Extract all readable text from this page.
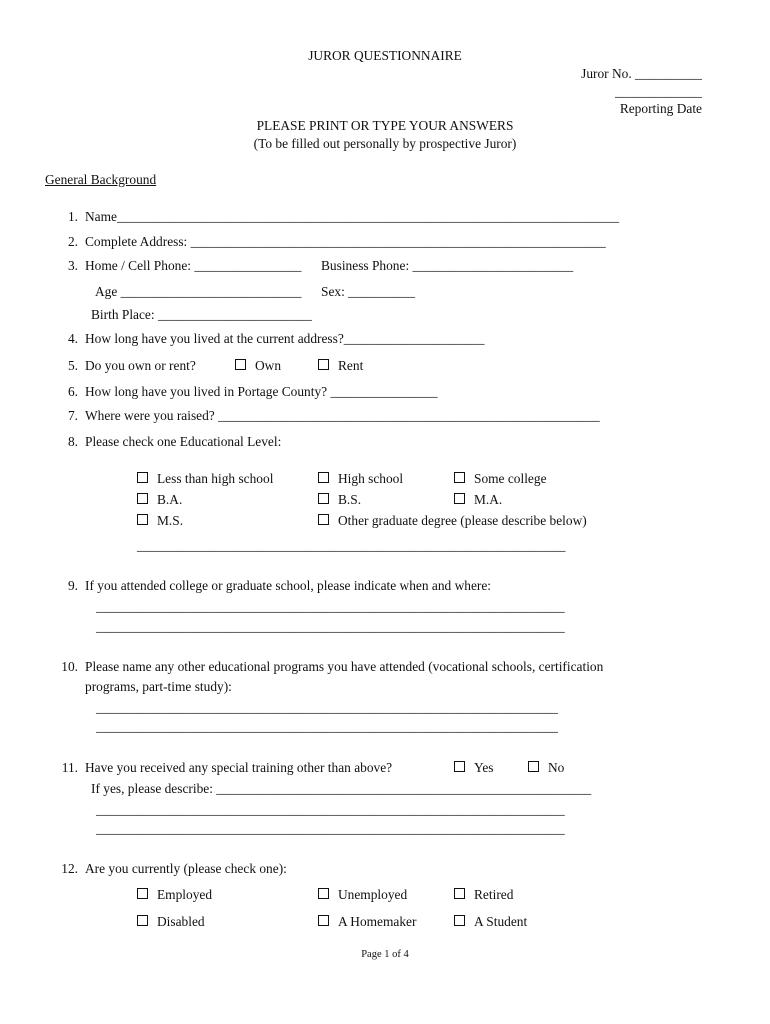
JUROR QUESTIONNAIRE
Juror No. __________
_____________
Reporting Date
PLEASE PRINT OR TYPE YOUR ANSWERS
(To be filled out personally by prospective Juror)
General Background
1. Name___________________________________________________________________________
2. Complete Address: ______________________________________________________________
3. Home / Cell Phone: ________________ Business Phone: ________________________
Age ___________________________ Sex: __________
Birth Place: _______________________
4. How long have you lived at the current address?_____________________
5. Do you own or rent?	Own	Rent
6. How long have you lived in Portage County? ________________
7. Where were you raised? _________________________________________________________
8. Please check one Educational Level:
Less than high school	High school	Some college
B.A.	B.S.	M.A.
M.S.	Other graduate degree (please describe below)
________________________________________________________________
9. If you attended college or graduate school, please indicate when and where:
______________________________________________________________________
______________________________________________________________________
10. Please name any other educational programs you have attended (vocational schools, certification
programs, part-time study):
_____________________________________________________________________
_____________________________________________________________________
11. Have you received any special training other than above?	Yes	No
If yes, please describe: ________________________________________________________
______________________________________________________________________
______________________________________________________________________
12. Are you currently (please check one):
Employed	Unemployed	Retired
Disabled	A Homemaker	A Student
Page 1 of 4
